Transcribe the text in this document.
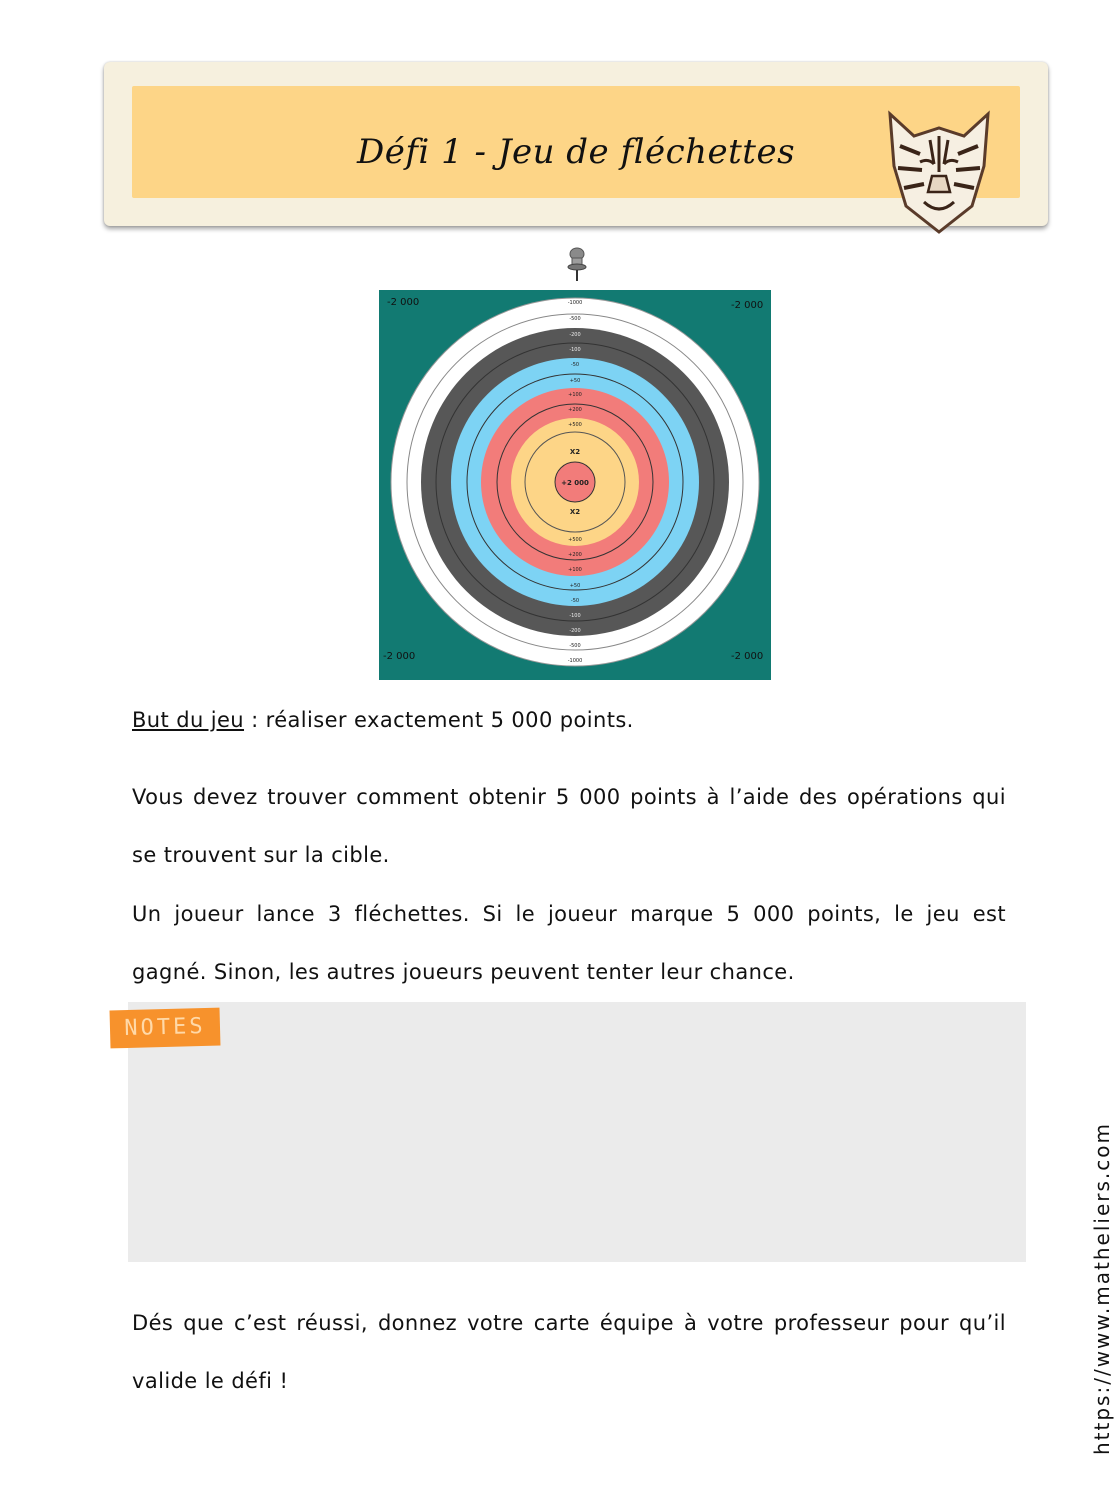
Défi 1 - Jeu de fléchettes
-1000
-500
-200
-100
-50
+50
+100
+200
+500
+500
+200
+100
+50
-50
-100
-200
-500
-1000
X2
+2 000
X2
-2 000	-2 000
-2 000	-2 000
But du jeu : réaliser exactement 5 000 points.
Vous devez trouver comment obtenir 5 000 points à l’aide des opérations qui se trouvent sur la cible.
Un joueur lance 3 fléchettes. Si le joueur marque 5 000 points, le jeu est gagné. Sinon, les autres joueurs peuvent tenter leur chance.
NOTES
Dés que c’est réussi, donnez votre carte équipe à votre professeur pour qu’il valide le défi !	https://www.matheliers.com
